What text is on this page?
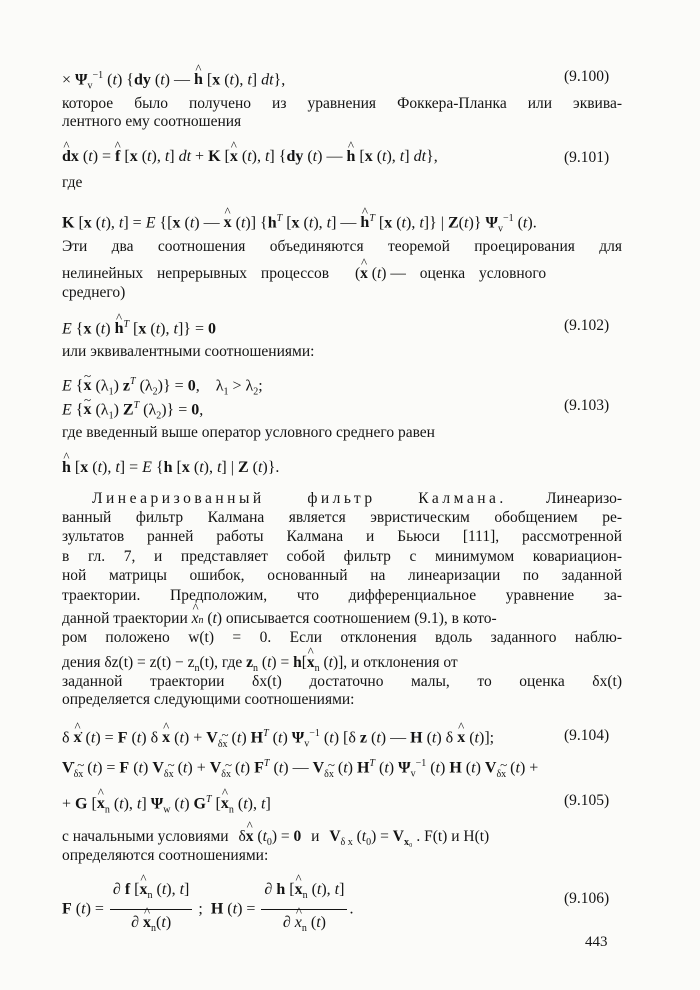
× $\Psi_v^{-1}$ (t) {dy (t) — ^ h [x (t), t] dt},	(9.100)
которое было получено из уравнения Фоккера-Планка или эквива-
лентного ему соотношения
^ dx (t) = ^ f [x (t), t] dt + K [^ x (t), t] {dy (t) — ^ h [x (t), t] dt},	(9.101)
где
K [x (t), t] = E {[x (t) — ^ x (t)] {$h^T$ [x (t), t] — ^ $h^T$ [x (t), t]} | Z(t)} $\Psi_v^{-1}$ (t).
Эти два соотношения объединяются теоремой проецирования для
нелинейных непрерывных процессов (^ x (t) — оценка условного
среднего)
E {x (t) ^ $h^T$ [x (t), t]} = 0	(9.102)
или эквивалентными соотношениями:
E {~ x $(\lambda_1)$ $z^T$ $(\lambda_2)\} = 0$,    $\lambda_1 > \lambda_2$;
E {~ x $(\lambda_1)$ $Z^T$ $(\lambda_2)\} = 0$,	(9.103)
где введенный выше оператор условного среднего равен
^ h [x (t), t] = E {h [x (t), t] | Z (t)}.
Линеаризованный фильтр Калмана.	Линеаризо-
ванный фильтр Калмана является эвристическим обобщением ре-
зультатов ранней работы Калмана и Бьюси [111], рассмотренной
в гл. 7, и представляет собой фильтр с минимумом ковариацион-
ной матрицы ошибок, основанный на линеаризации по заданной
траектории. Предположим, что дифференциальное уравнение за-
данной траектории ^ xn (t) описывается соотношением (9.1), в кото-
ром положено w(t) = 0. Если отклонения вдоль заданного наблю-
дения $\delta z(t) = z(t) - z_n(t)$, где $z_n$ (t) = h[^ $x_n$ (t)], и отклонения от
заданной траектории δx(t) достаточно малы, то оценка δx(t)
определяется следующими соотношениями:
δ ^ ẋ (t) = F (t) δ ^ x $(t) + V_{\delta\sim x}$ (t) $H^T$ (t) $\Psi_v^{-1}$ (t) [δ z (t) — H (t) δ ^ x (t)];	(9.104)
$V_{\delta\sim x}$ (t) = F (t) $V_{\delta\sim x}$ $(t) + V_{\delta\sim x}$ (t) $F^T$ (t) — $V_{\delta\sim x}$ (t) $H^T$ (t) $\Psi_v^{-1}$ (t) H (t) $V_{\delta\sim x}$ (t) +
+ G [^ $x_n$ (t), t] $\Psi_w$ (t) $G^T$ [^ $x_n$ (t), t]	(9.105)
с начальными условиями δ^ x $(t_0) = 0$ и $V_{\delta x}$ $(t_0) = V_{x_0}$ . F(t) и H(t)
определяются соотношениями:
F $(t) = \frac{\partial f [\^{} x_n (t), t]}{\partial \^{} x_n(t)}$ ;  H $(t) = \frac{\partial h [\^{} x_n (t), t]}{\partial \^{} x_n (t)}$ .
(9.106)
443
